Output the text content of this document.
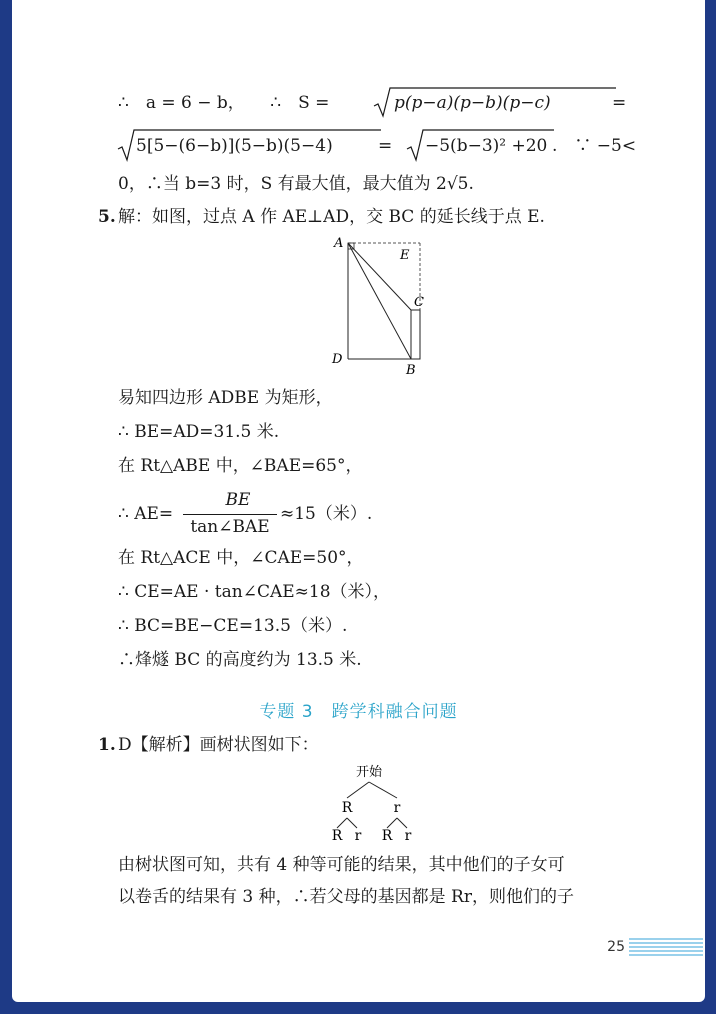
∴　a = 6 − b，　　∴　S =	p(p−a)(p−b)(p−c)	=
5[5−(6−b)](5−b)(5−4)	= −5(b−3)² +20 .　∵ −5<
0，∴当 b=3 时，S 有最大值，最大值为 2√5.
5. 解：如图，过点 A 作 AE⊥AD，交 BC 的延长线于点 E.
A
E
C
D
B
易知四边形 ADBE 为矩形，
∴ BE=AD=31.5 米.
在 Rt△ABE 中，∠BAE=65°，
∴ AE=
BE
tan∠BAE
≈15（米）.
在 Rt△ACE 中，∠CAE=50°，
∴ CE=AE · tan∠CAE≈18（米），
∴ BC=BE−CE=13.5（米）.
∴烽燧 BC 的高度约为 13.5 米.
专题 3　跨学科融合问题
1. D【解析】画树状图如下：
开始
R	r
R r R r
由树状图可知，共有 4 种等可能的结果，其中他们的子女可
以卷舌的结果有 3 种，∴若父母的基因都是 Rr，则他们的子
25
